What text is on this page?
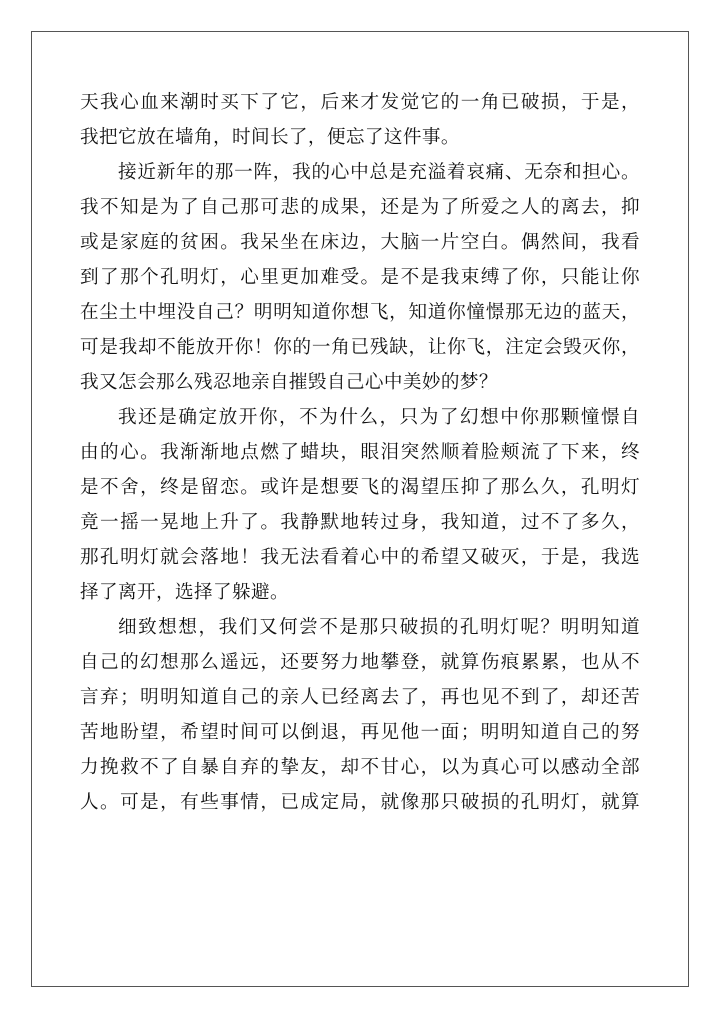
天我心血来潮时买下了它，后来才发觉它的一角已破损，于是，
我把它放在墙角，时间长了，便忘了这件事。
接近新年的那一阵，我的心中总是充溢着哀痛、无奈和担心。
我不知是为了自己那可悲的成果，还是为了所爱之人的离去，抑
或是家庭的贫困。我呆坐在床边，大脑一片空白。偶然间，我看
到了那个孔明灯，心里更加难受。是不是我束缚了你，只能让你
在尘土中埋没自己？明明知道你想飞，知道你憧憬那无边的蓝天，
可是我却不能放开你！你的一角已残缺，让你飞，注定会毁灭你，
我又怎会那么残忍地亲自摧毁自己心中美妙的梦？
我还是确定放开你，不为什么，只为了幻想中你那颗憧憬自
由的心。我渐渐地点燃了蜡块，眼泪突然顺着脸颊流了下来，终
是不舍，终是留恋。或许是想要飞的渴望压抑了那么久，孔明灯
竟一摇一晃地上升了。我静默地转过身，我知道，过不了多久，
那孔明灯就会落地！我无法看着心中的希望又破灭，于是，我选
择了离开，选择了躲避。
细致想想，我们又何尝不是那只破损的孔明灯呢？明明知道
自己的幻想那么遥远，还要努力地攀登，就算伤痕累累，也从不
言弃；明明知道自己的亲人已经离去了，再也见不到了，却还苦
苦地盼望，希望时间可以倒退，再见他一面；明明知道自己的努
力挽救不了自暴自弃的挚友，却不甘心，以为真心可以感动全部
人。可是，有些事情，已成定局，就像那只破损的孔明灯，就算
